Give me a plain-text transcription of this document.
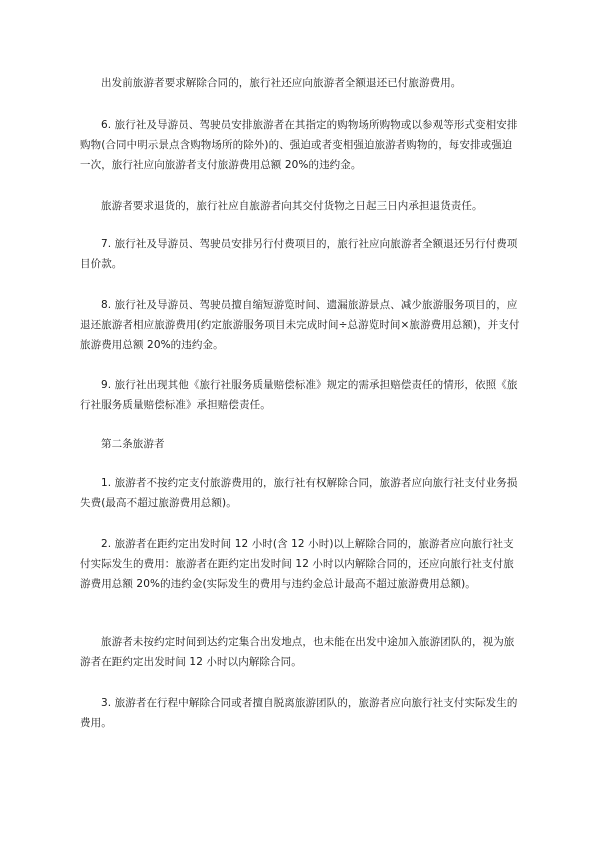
出发前旅游者要求解除合同的，旅行社还应向旅游者全额退还已付旅游费用。

6. 旅行社及导游员、驾驶员安排旅游者在其指定的购物场所购物或以参观等形式变相安排购物(合同中明示景点含购物场所的除外)的、强迫或者变相强迫旅游者购物的，每安排或强迫一次，旅行社应向旅游者支付旅游费用总额 20%的违约金。

旅游者要求退货的，旅行社应自旅游者向其交付货物之日起三日内承担退货责任。

7. 旅行社及导游员、驾驶员安排另行付费项目的，旅行社应向旅游者全额退还另行付费项目价款。

8. 旅行社及导游员、驾驶员擅自缩短游览时间、遗漏旅游景点、减少旅游服务项目的，应退还旅游者相应旅游费用(约定旅游服务项目未完成时间÷总游览时间×旅游费用总额)，并支付旅游费用总额 20%的违约金。

9. 旅行社出现其他《旅行社服务质量赔偿标准》规定的需承担赔偿责任的情形，依照《旅行社服务质量赔偿标准》承担赔偿责任。

第二条旅游者

1. 旅游者不按约定支付旅游费用的，旅行社有权解除合同，旅游者应向旅行社支付业务损失费(最高不超过旅游费用总额)。

2. 旅游者在距约定出发时间 12 小时(含 12 小时)以上解除合同的，旅游者应向旅行社支付实际发生的费用：旅游者在距约定出发时间 12 小时以内解除合同的，还应向旅行社支付旅游费用总额 20%的违约金(实际发生的费用与违约金总计最高不超过旅游费用总额)。

旅游者未按约定时间到达约定集合出发地点，也未能在出发中途加入旅游团队的，视为旅游者在距约定出发时间 12 小时以内解除合同。

3. 旅游者在行程中解除合同或者擅自脱离旅游团队的，旅游者应向旅行社支付实际发生的费用。
